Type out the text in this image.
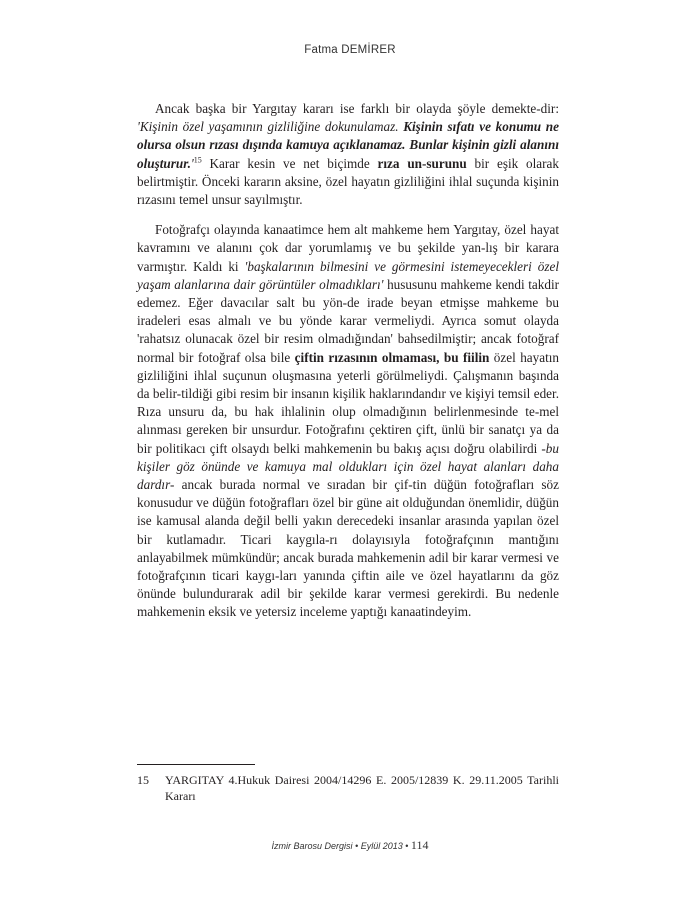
Fatma DEMİRER

Ancak başka bir Yargıtay kararı ise farklı bir olayda şöyle demekte-dir: 'Kişinin özel yaşamının gizliliğine dokunulamaz. Kişinin sıfatı ve konumu ne olursa olsun rızası dışında kamuya açıklanamaz. Bunlar kişinin gizli alanını $oluşturur.'^{15}$ Karar kesin ve net biçimde rıza un-surunu bir eşik olarak belirtmiştir. Önceki kararın aksine, özel hayatın gizliliğini ihlal suçunda kişinin rızasını temel unsur sayılmıştır.

Fotoğrafçı olayında kanaatimce hem alt mahkeme hem Yargıtay, özel hayat kavramını ve alanını çok dar yorumlamış ve bu şekilde yan-lış bir karara varmıştır. Kaldı ki 'başkalarının bilmesini ve görmesini istemeyecekleri özel yaşam alanlarına dair görüntüler olmadıkları' hususunu mahkeme kendi takdir edemez. Eğer davacılar salt bu yön-de irade beyan etmişse mahkeme bu iradeleri esas almalı ve bu yönde karar vermeliydi. Ayrıca somut olayda 'rahatsız olunacak özel bir resim olmadığından' bahsedilmiştir; ancak fotoğraf normal bir fotoğraf olsa bile çiftin rızasının olmaması, bu fiilin özel hayatın gizliliğini ihlal suçunun oluşmasına yeterli görülmeliydi. Çalışmanın başında da belir-tildiği gibi resim bir insanın kişilik haklarındandır ve kişiyi temsil eder. Rıza unsuru da, bu hak ihlalinin olup olmadığının belirlenmesinde te-mel alınması gereken bir unsurdur. Fotoğrafını çektiren çift, ünlü bir sanatçı ya da bir politikacı çift olsaydı belki mahkemenin bu bakış açısı doğru olabilirdi -bu kişiler göz önünde ve kamuya mal oldukları için özel hayat alanları daha dardır- ancak burada normal ve sıradan bir çif-tin düğün fotoğrafları söz konusudur ve düğün fotoğrafları özel bir güne ait olduğundan önemlidir, düğün ise kamusal alanda değil belli yakın derecedeki insanlar arasında yapılan özel bir kutlamadır. Ticari kaygıla-rı dolayısıyla fotoğrafçının mantığını anlayabilmek mümkündür; ancak burada mahkemenin adil bir karar vermesi ve fotoğrafçının ticari kaygı-ları yanında çiftin aile ve özel hayatlarını da göz önünde bulundurarak adil bir şekilde karar vermesi gerekirdi. Bu nedenle mahkemenin eksik ve yetersiz inceleme yaptığı kanaatindeyim.

15 YARGITAY 4.Hukuk Dairesi 2004/14296 E. 2005/12839 K. 29.11.2005 Tarihli Kararı
İzmir Barosu Dergisi • Eylül 2013 • 114
